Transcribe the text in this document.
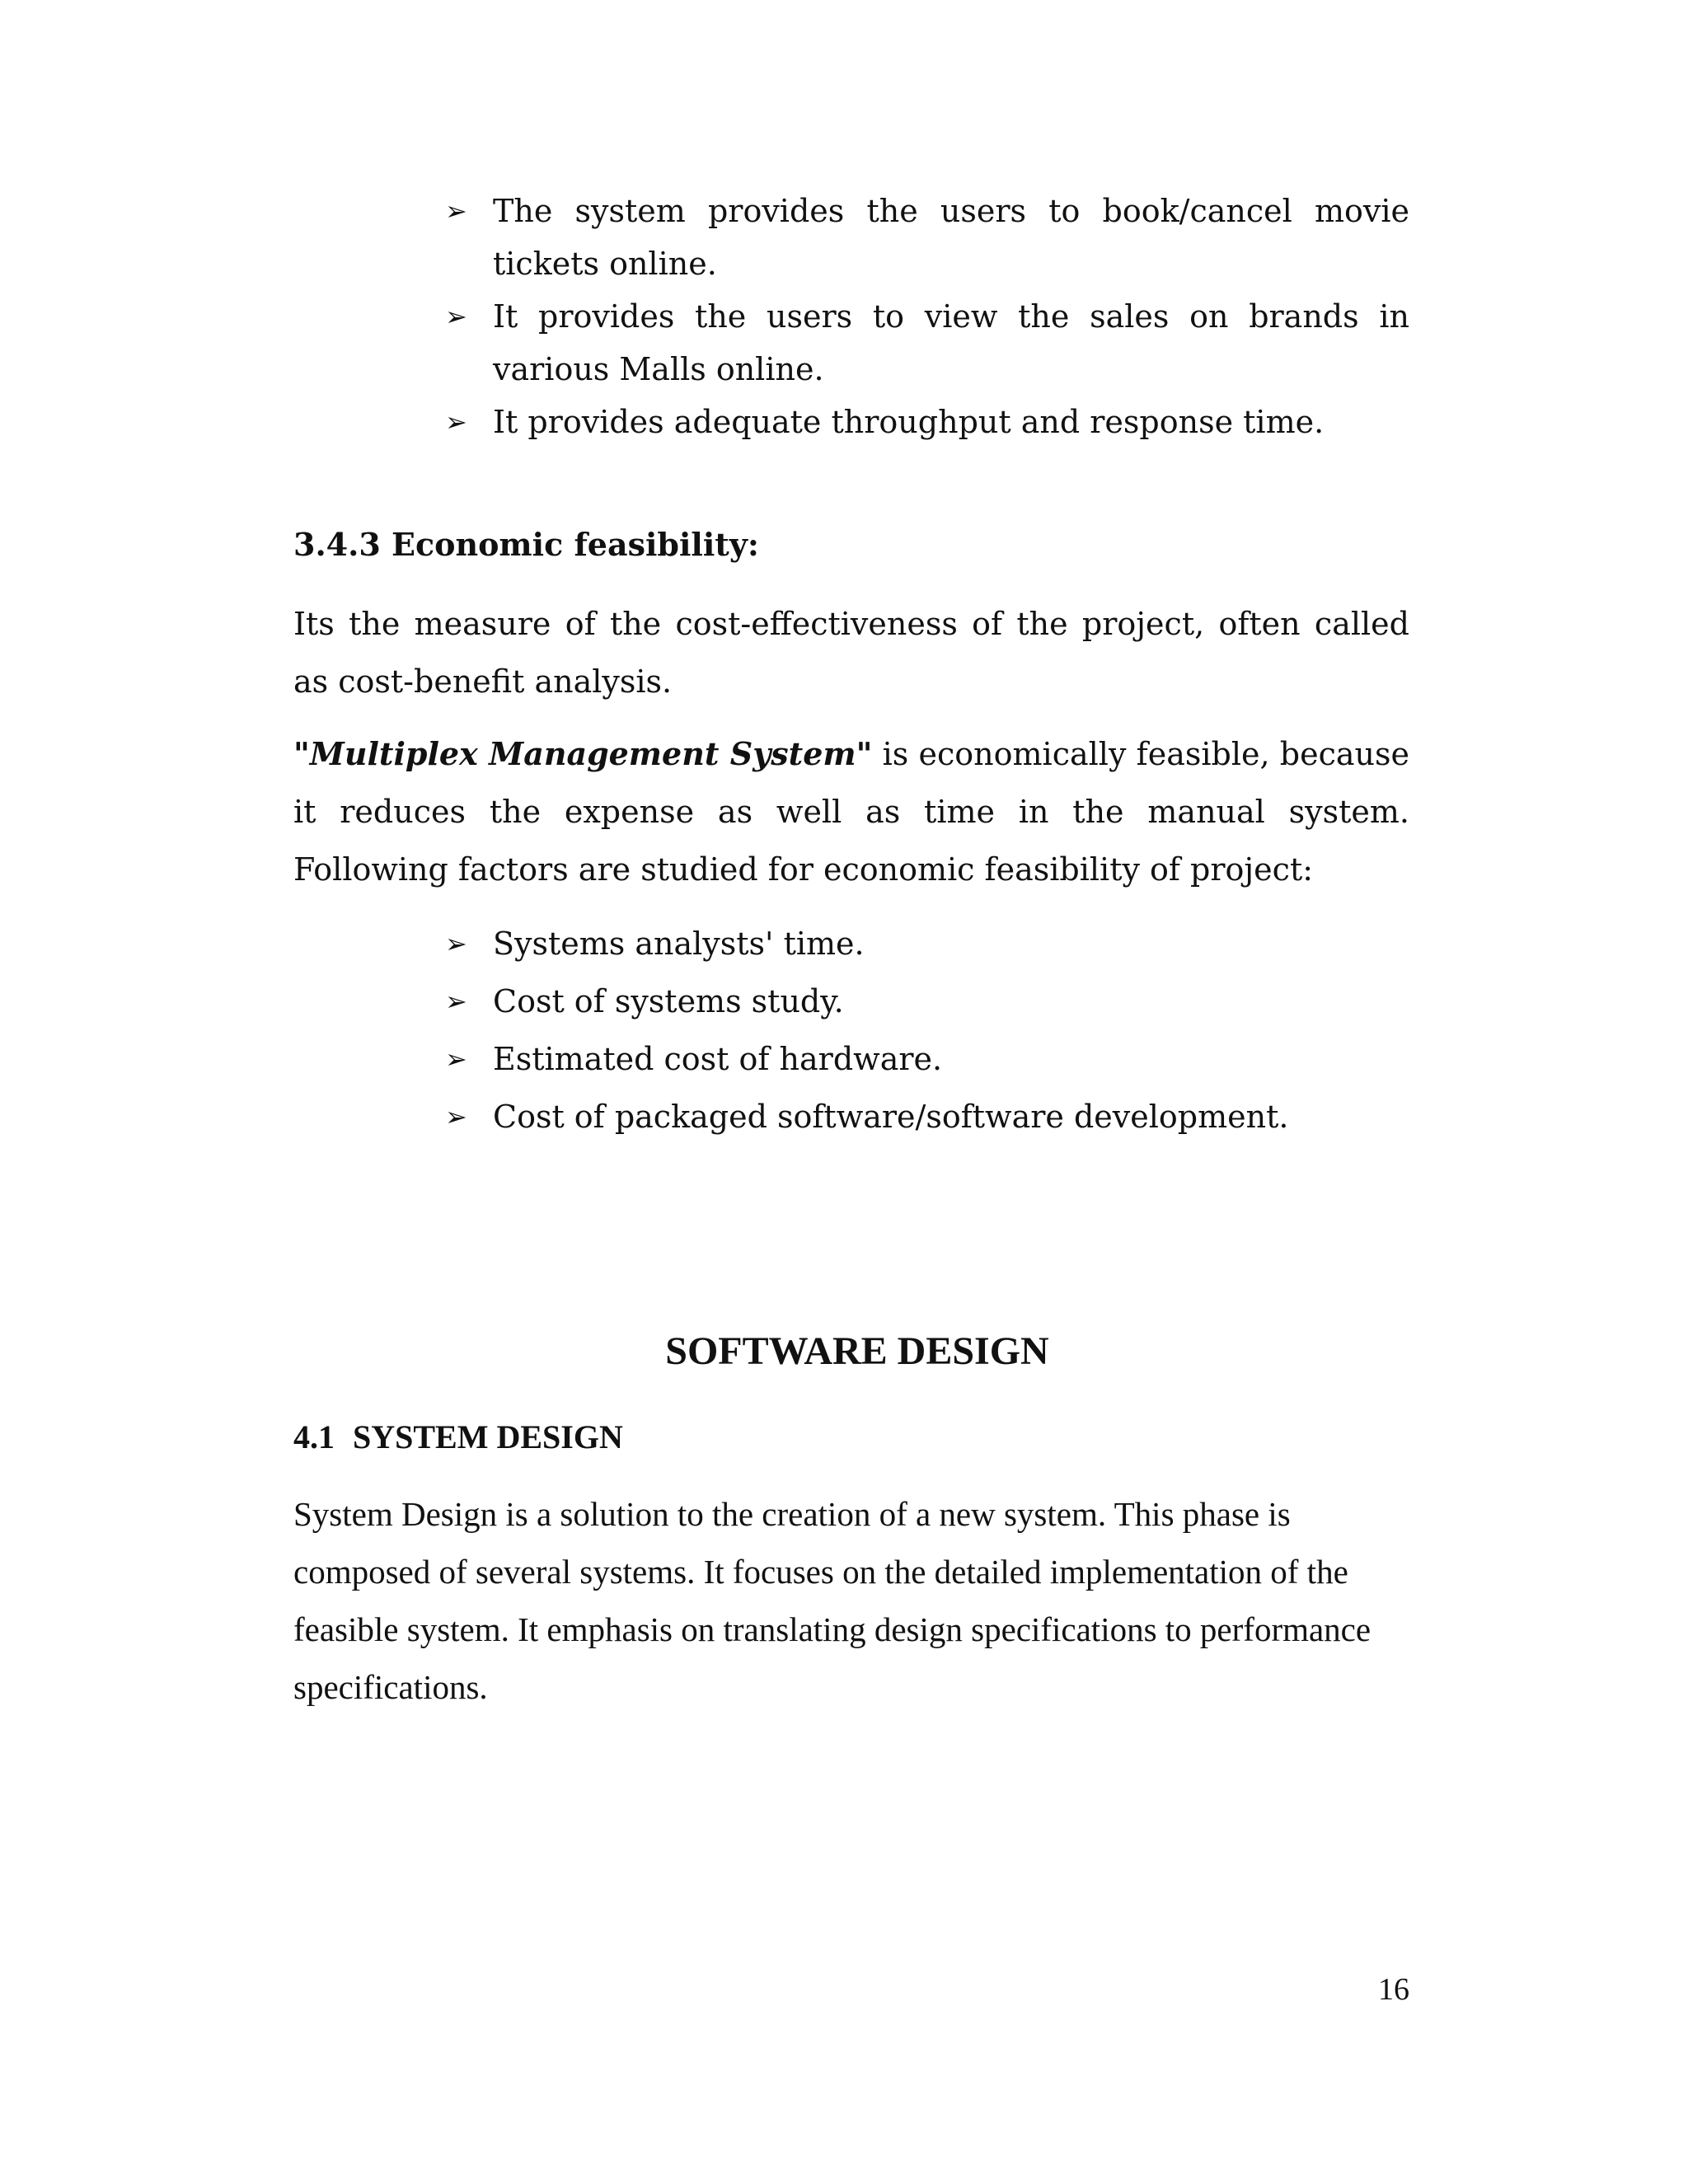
➢ The system provides the users to book/cancel movie tickets online.
➢ It provides the users to view the sales on brands in various Malls online.
➢ It provides adequate throughput and response time.
3.4.3 Economic feasibility:

Its the measure of the cost-effectiveness of the project, often called as cost-benefit analysis.

"Multiplex Management System" is economically feasible, because it reduces the expense as well as time in the manual system. Following factors are studied for economic feasibility of project:

➢ Systems analysts' time.
➢ Cost of systems study.
➢ Estimated cost of hardware.
➢ Cost of packaged software/software development.
SOFTWARE DESIGN
4.1 SYSTEM DESIGN

System Design is a solution to the creation of a new system. This phase is composed of several systems. It focuses on the detailed implementation of the feasible system. It emphasis on translating design specifications to performance specifications.

16
